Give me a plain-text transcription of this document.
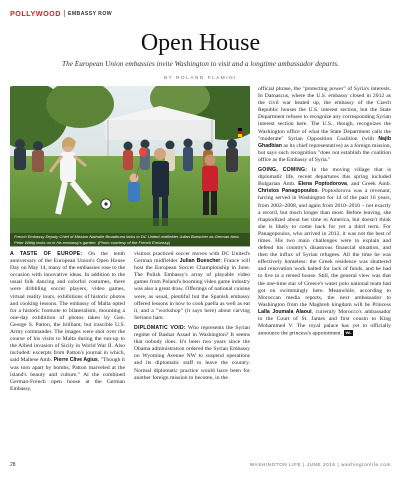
POLLYWOOD EMBASSY ROW
Open House
The European Union embassies invite Washington to visit and a longtime ambassador departs.
BY ROLAND FLAMINI

French Embassy Deputy Chief of Mission Nathalie Broadhurst kicks to DC United midfielder Julian Buescher as German Amb. Peter Wittig looks on in his embassy's garden. (Photo courtesy of the French Embassy)

official phrase, the "protecting power" of Syria's interests. In Damascus, where the U.S. embassy closed in 2012 as the civil war heated up, the embassy of the Czech Republic houses the U.S. interest section, but the State Department refuses to recognize any corresponding Syrian interest section here. The U.S., though, recognizes the Washington office of what the State Department calls the "moderate" Syrian Opposition Coalition (with Najib Ghadbian as its chief representative) as a foreign mission, but says such recognition "does not establish the coalition office as the Embassy of Syria."

GOING, COMING: In the moving village that is diplomatic life, recent departures this spring included Bulgarian Amb. Elena Poptodorova, and Greek Amb. Christos Panagopoulos. Poptodorova was a revenant, having served in Washington for 14 of the past 16 years, from 2002–2008, and again from 2010–2016 – not exactly a record, but much longer than most. Before leaving, she rhapsodized about her time in America, but doesn't think she is likely to come back for yet a third term. For Panagopoulos, who arrived in 2012, it was not the best of times. His two main challenges were to explain and defend his country's disastrous financial situation, and then the influx of Syrian refugees. All the time he was effectively homeless: the Greek residence was shuttered and renovation work halted for lack of funds, and he had to live in a rented house. Still, the general view was that the one-time star of Greece's water polo national team had got on swimmingly here. Meanwhile, according to Moroccan media reports, the next ambassador to Washington from the Maghreb kingdom will be Princess Lalla Joumala Alaoui, currently Morocco's ambassador to the Court of St. James and first cousin to King Mohammed V. The royal palace has yet to officially announce the princess's appointment. WL

A TASTE OF EUROPE: On the tenth anniversary of the European Union's Open House Day on May 14, many of the embassies rose to the occasion with innovative ideas. In addition to the usual folk dancing and colorful costumes, there were dribbling soccer players, video games, virtual reality tours, exhibitions of historic photos and cooking lessons. The embassy of Malta opted for a historic footnote to bilateralism, mounting a one-day exhibition of photos taken by Gen. George S. Patton, the brilliant, but irascible U.S. Army commander. The images were shot over the course of his visits to Malta during the run-up to the Allied invasion of Sicily in World War II. Also included: excerpts from Patton's journal in which, said Maltese Amb. Pierre Clive Agius, "Though it was torn apart by bombs, Patton marveled at the island's beauty and culture." At the combined German-French open house at the German Embassy,

visitors practiced soccer moves with DC United's German midfielder Julian Buescher; France will host the European Soccer Championship in June. The Polish Embassy's array of playable video games from Poland's booming video game industry was also a great draw. Offerings of national cuisine were, as usual, plentiful but the Spanish embassy offered lessons in how to cook paella as well as eat it, and a "workshop" (it says here) about carving Serrano ham.

DIPLOMATIC VOID: Who represents the Syrian regime of Bashar Assad in Washington? It seems that nobody does. It's been two years since the Obama administration ordered the Syrian Embassy on Wyoming Avenue NW to suspend operations and its diplomatic staff to leave the country. Normal diplomatic practice would have been for another foreign mission to become, in the

28	WASHINGTON LIFE | JUNE 2016 | washingtonlife.com
